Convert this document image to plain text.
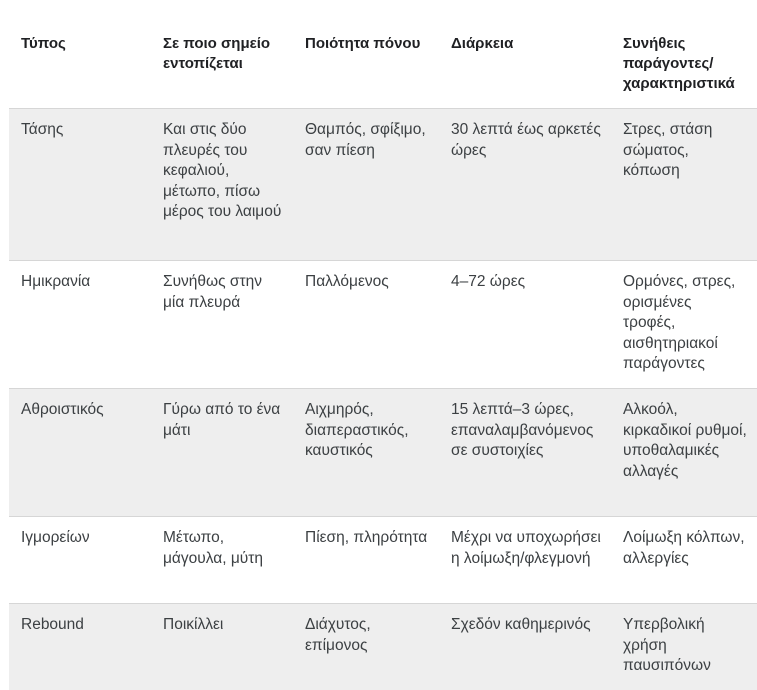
Τύπος	Σε ποιο σημείο εντοπίζεται	Ποιότητα πόνου	Διάρκεια	Συνήθεις παράγοντες/ χαρακτηριστικά
Τάσης	Και στις δύο πλευρές του κεφαλιού, μέτωπο, πίσω μέρος του λαιμού	Θαμπός, σφίξιμο, σαν πίεση	30 λεπτά έως αρκετές ώρες	Στρες, στάση σώματος, κόπωση
Ημικρανία	Συνήθως στην μία πλευρά	Παλλόμενος	4–72 ώρες	Ορμόνες, στρες, ορισμένες τροφές, αισθητηριακοί παράγοντες
Αθροιστικός	Γύρω από το ένα μάτι	Αιχμηρός, διαπεραστικός, καυστικός	15 λεπτά–3 ώρες, επαναλαμβανόμενος σε συστοιχίες	Αλκοόλ, κιρκαδικοί ρυθμοί, υποθαλαμικές αλλαγές
Ιγμορείων	Μέτωπο, μάγουλα, μύτη	Πίεση, πληρότητα	Μέχρι να υποχωρήσει η λοίμωξη/φλεγμονή	Λοίμωξη κόλπων, αλλεργίες
Rebound	Ποικίλλει	Διάχυτος, επίμονος	Σχεδόν καθημερινός	Υπερβολική χρήση παυσιπόνων
